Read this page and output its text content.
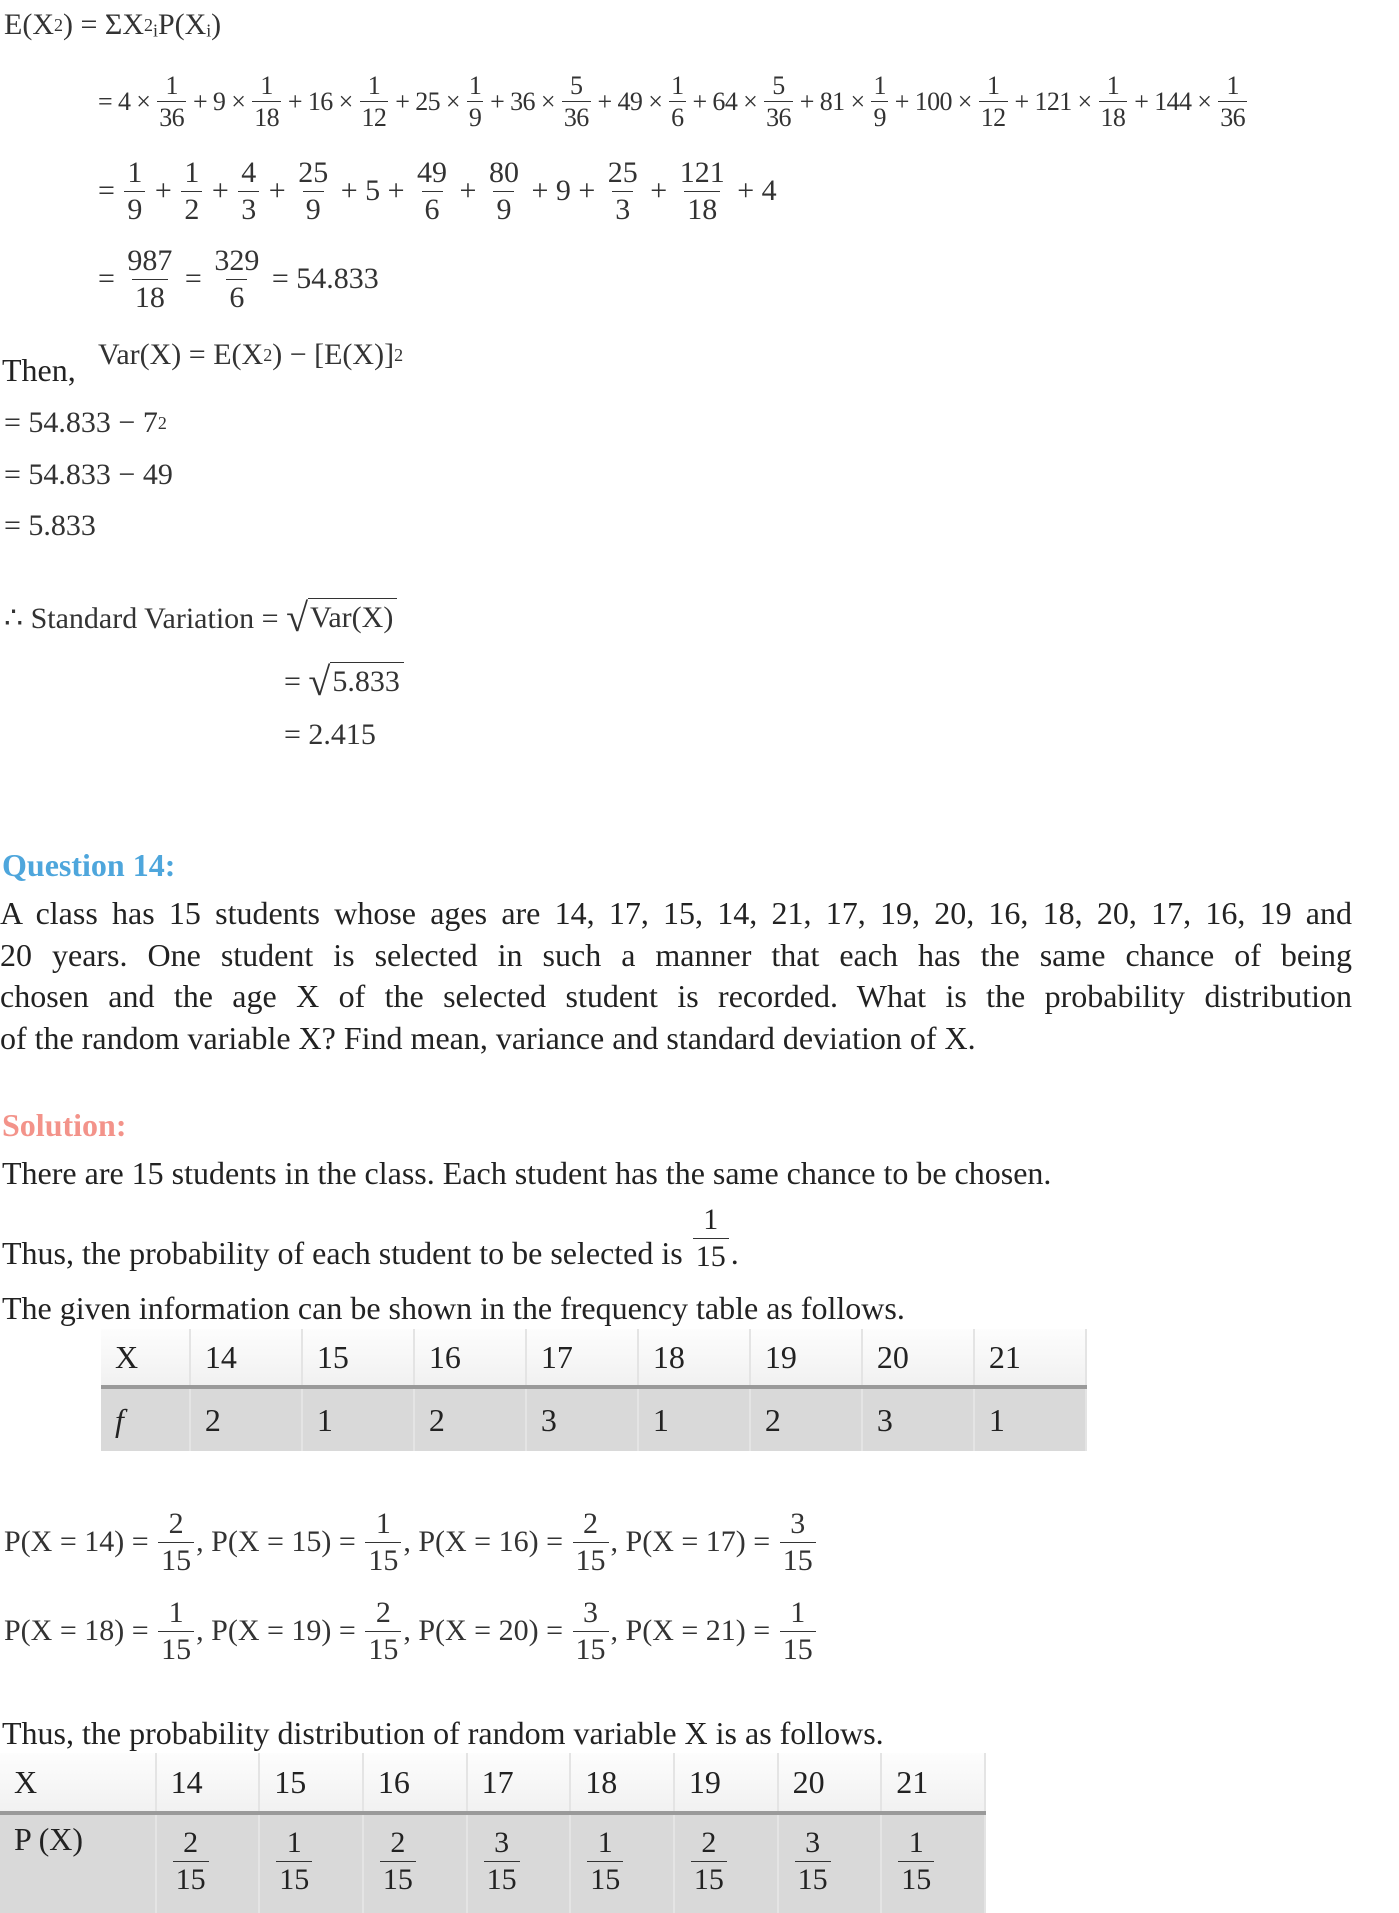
E(X 2 ) = ΣX 2 ᵢP(Xᵢ)
= $4 \times \frac{1}{36} + 9 \times \frac{1}{18} + 16 \times \frac{1}{12} + 25 \times \frac{1}{9} + 36 \times \frac{5}{36} + 49 \times \frac{1}{6} + 64 \times \frac{5}{36} + 81 \times \frac{1}{9} + 100 \times \frac{1}{12} + 121 \times \frac{1}{18} + 144 \times \frac{1}{36}$
= $\frac{1}{9} + \frac{1}{2} + \frac{4}{3} + \frac{25}{9} + 5 + \frac{49}{6} + \frac{80}{9} + 9 + \frac{25}{3} + \frac{121}{18} + 4$
= $\frac{987}{18} = \frac{329}{6} = 54.833$
Then, Var(X) = E(X 2 ) − [E(X)] 2
= 54.833 − 7 2
= 54.833 − 49
= 5.833
∴ Standard Variation = √ Var(X)
= √ 5.833
= 2.415
Question 14:
A class has 15 students whose ages are 14, 17, 15, 14, 21, 17, 19, 20, 16, 18, 20, 17, 16, 19 and
20 years. One student is selected in such a manner that each has the same chance of being
chosen and the age X of the selected student is recorded. What is the probability distribution
of the random variable X? Find mean, variance and standard deviation of X.
Solution:
There are 15 students in the class. Each student has the same chance to be chosen.
Thus, the probability of each student to be selected is $\frac{1}{15}$ .
The given information can be shown in the frequency table as follows.
X	14	15	16	17	18	19	20	21
f	2	1	2	3	1	2	3	1
$P(X = 14) = \frac{2}{15}$ , $P(X = 15) = \frac{1}{15}$ , $P(X = 16) = \frac{2}{15}$ , $P(X = 17) = \frac{3}{15}$
$P(X = 18) = \frac{1}{15}$ , $P(X = 19) = \frac{2}{15}$ , $P(X = 20) = \frac{3}{15}$ , $P(X = 21) = \frac{1}{15}$
Thus, the probability distribution of random variable X is as follows.
X	14	15	16	17	18	19	20	21
P (X)	$\frac{2}{15}$	$\frac{1}{15}$	$\frac{2}{15}$	$\frac{3}{15}$	$\frac{1}{15}$	$\frac{2}{15}$	$\frac{3}{15}$	$\frac{1}{15}$
